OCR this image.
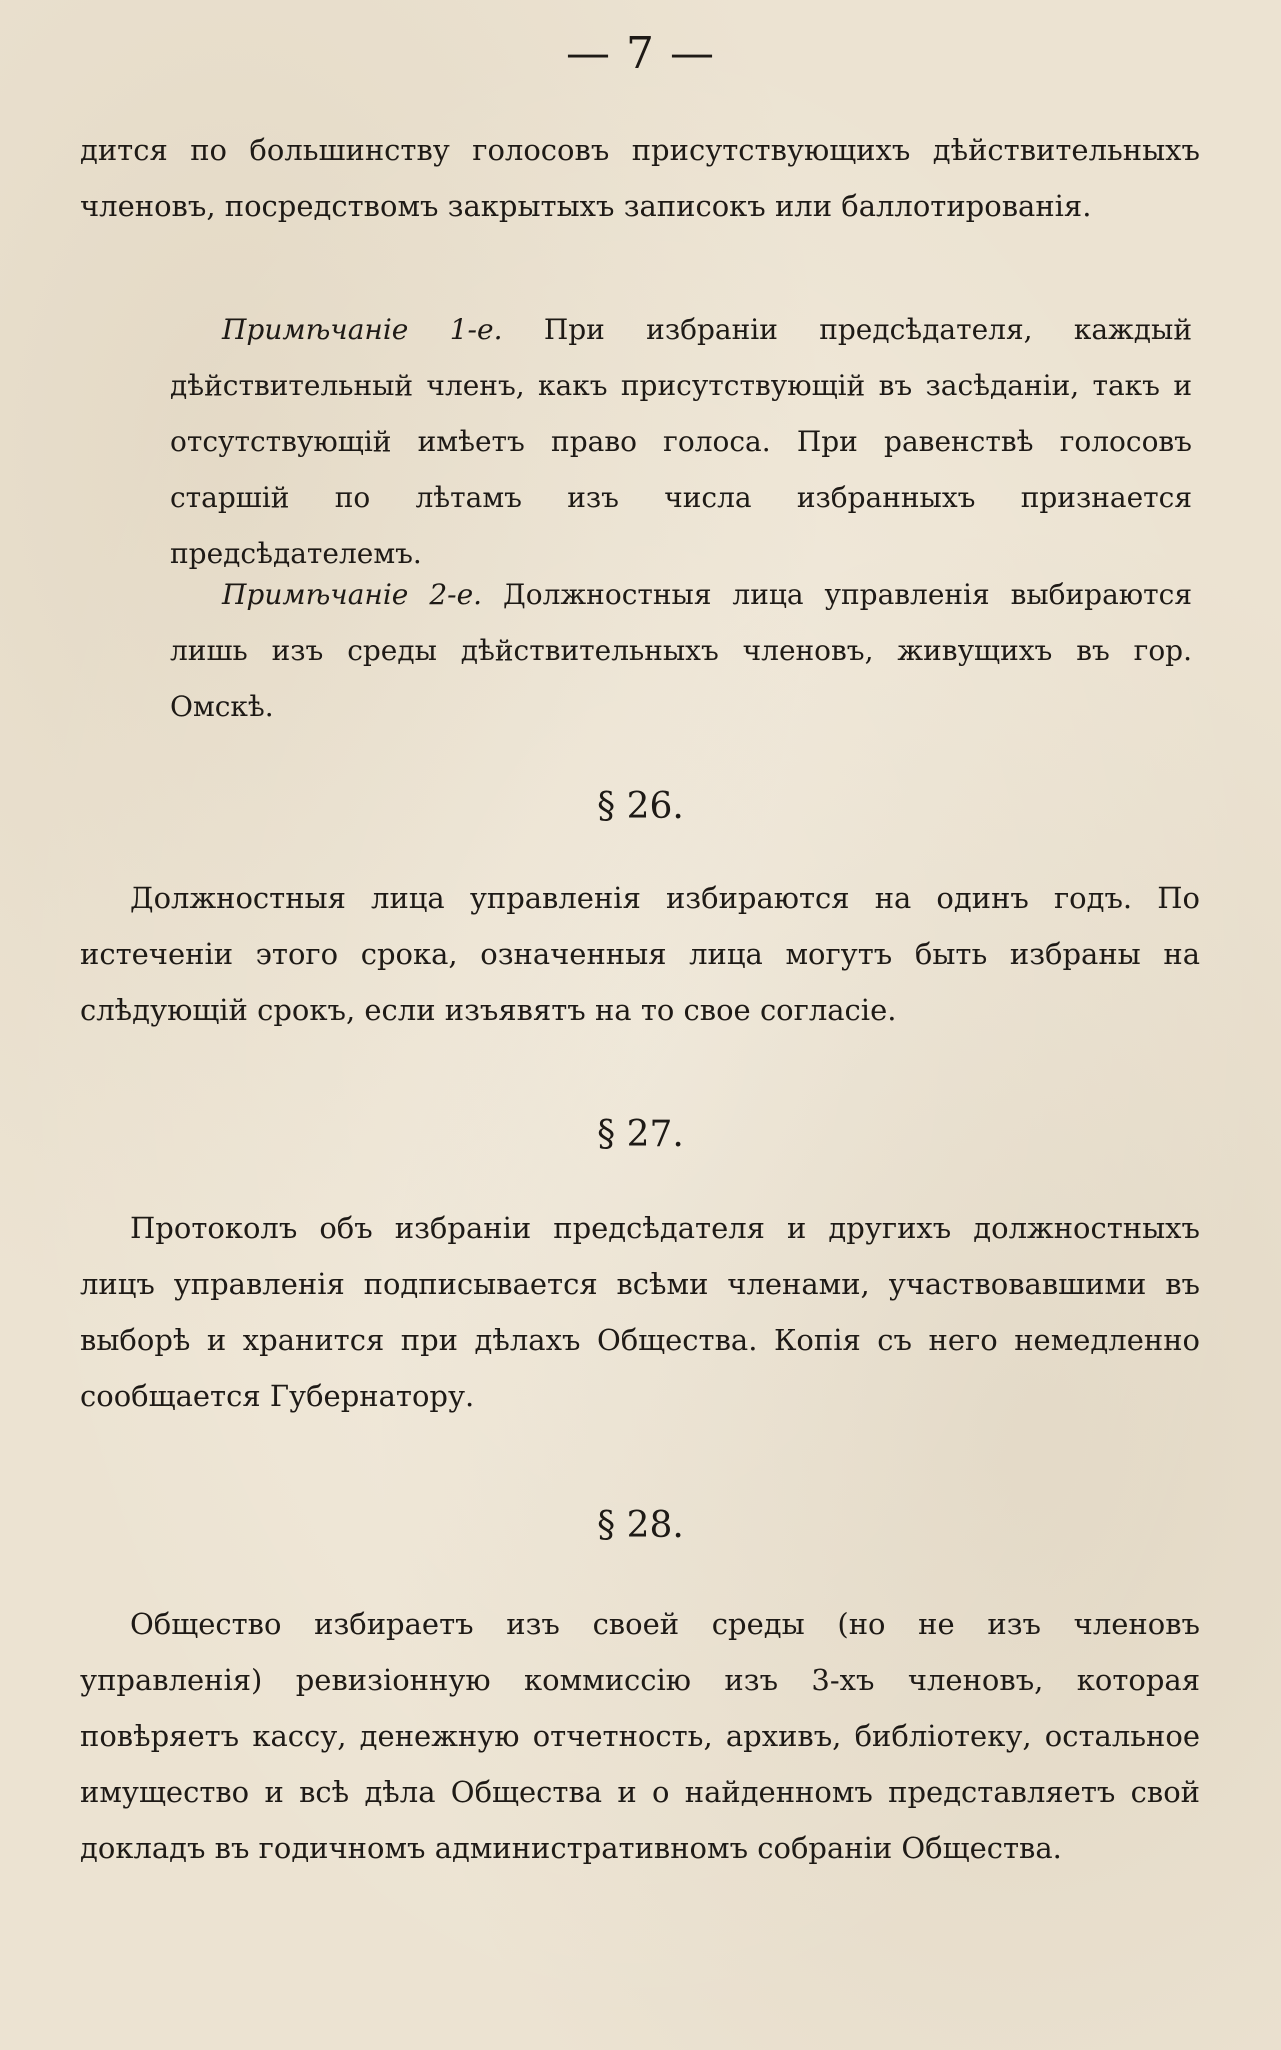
— 7 —
дится по большинству голосовъ присутствующихъ дѣйствительныхъ членовъ, посредствомъ закрытыхъ записокъ или баллотированія.
Примѣчаніе 1-е. При избраніи предсѣдателя, каждый дѣйствительный членъ, какъ присутствующій въ засѣданіи, такъ и отсутствующій имѣетъ право голоса. При равенствѣ голосовъ старшій по лѣтамъ изъ числа избранныхъ признается предсѣдателемъ.
Примѣчаніе 2-е. Должностныя лица управленія выбираются лишь изъ среды дѣйствительныхъ членовъ, живущихъ въ гор. Омскѣ.
§ 26.
Должностныя лица управленія избираются на одинъ годъ. По истеченіи этого срока, означенныя лица могутъ быть избраны на слѣдующій срокъ, если изъявятъ на то свое согласіе.
§ 27.
Протоколъ объ избраніи предсѣдателя и другихъ должностныхъ лицъ управленія подписывается всѣми членами, участвовавшими въ выборѣ и хранится при дѣлахъ Общества. Копія съ него немедленно сообщается Губернатору.
§ 28.
Общество избираетъ изъ своей среды (но не изъ членовъ управленія) ревизіонную коммиссію изъ 3-хъ членовъ, которая повѣряетъ кассу, денежную отчетность, архивъ, библіотеку, остальное имущество и всѣ дѣла Общества и о найденномъ представляетъ свой докладъ въ годичномъ административномъ собраніи Общества.
